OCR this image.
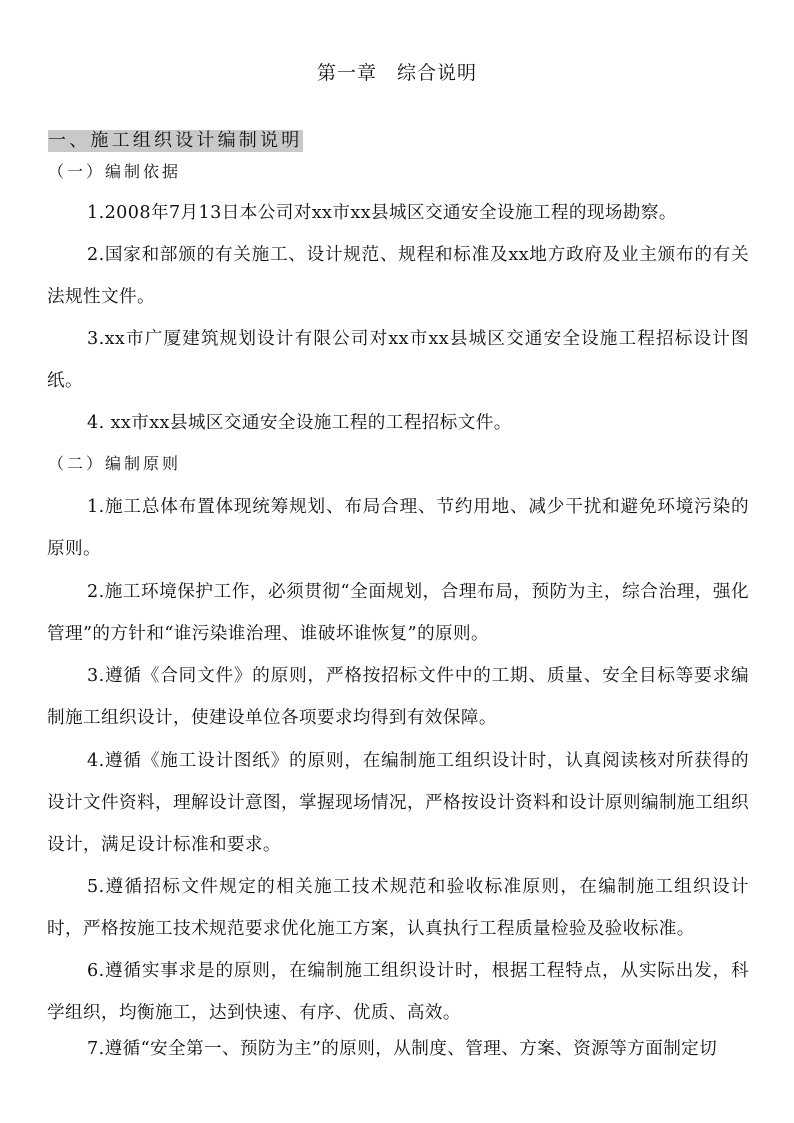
第一章　综合说明
一、施工组织设计编制说明
（一）编制依据
1.2008年7月13日本公司对xx市xx县城区交通安全设施工程的现场勘察。
2.国家和部颁的有关施工、设计规范、规程和标准及xx地方政府及业主颁布的有关法规性文件。
3.xx市广厦建筑规划设计有限公司对xx市xx县城区交通安全设施工程招标设计图纸。
4. xx市xx县城区交通安全设施工程的工程招标文件。
（二）编制原则
1.施工总体布置体现统筹规划、布局合理、节约用地、减少干扰和避免环境污染的原则。
2.施工环境保护工作，必须贯彻“全面规划，合理布局，预防为主，综合治理，强化管理”的方针和“谁污染谁治理、谁破坏谁恢复”的原则。
3.遵循《合同文件》的原则，严格按招标文件中的工期、质量、安全目标等要求编制施工组织设计，使建设单位各项要求均得到有效保障。
4.遵循《施工设计图纸》的原则，在编制施工组织设计时，认真阅读核对所获得的设计文件资料，理解设计意图，掌握现场情况，严格按设计资料和设计原则编制施工组织设计，满足设计标准和要求。
5.遵循招标文件规定的相关施工技术规范和验收标准原则，在编制施工组织设计时，严格按施工技术规范要求优化施工方案，认真执行工程质量检验及验收标准。
6.遵循实事求是的原则，在编制施工组织设计时，根据工程特点，从实际出发，科学组织，均衡施工，达到快速、有序、优质、高效。
7.遵循“安全第一、预防为主”的原则，从制度、管理、方案、资源等方面制定切
